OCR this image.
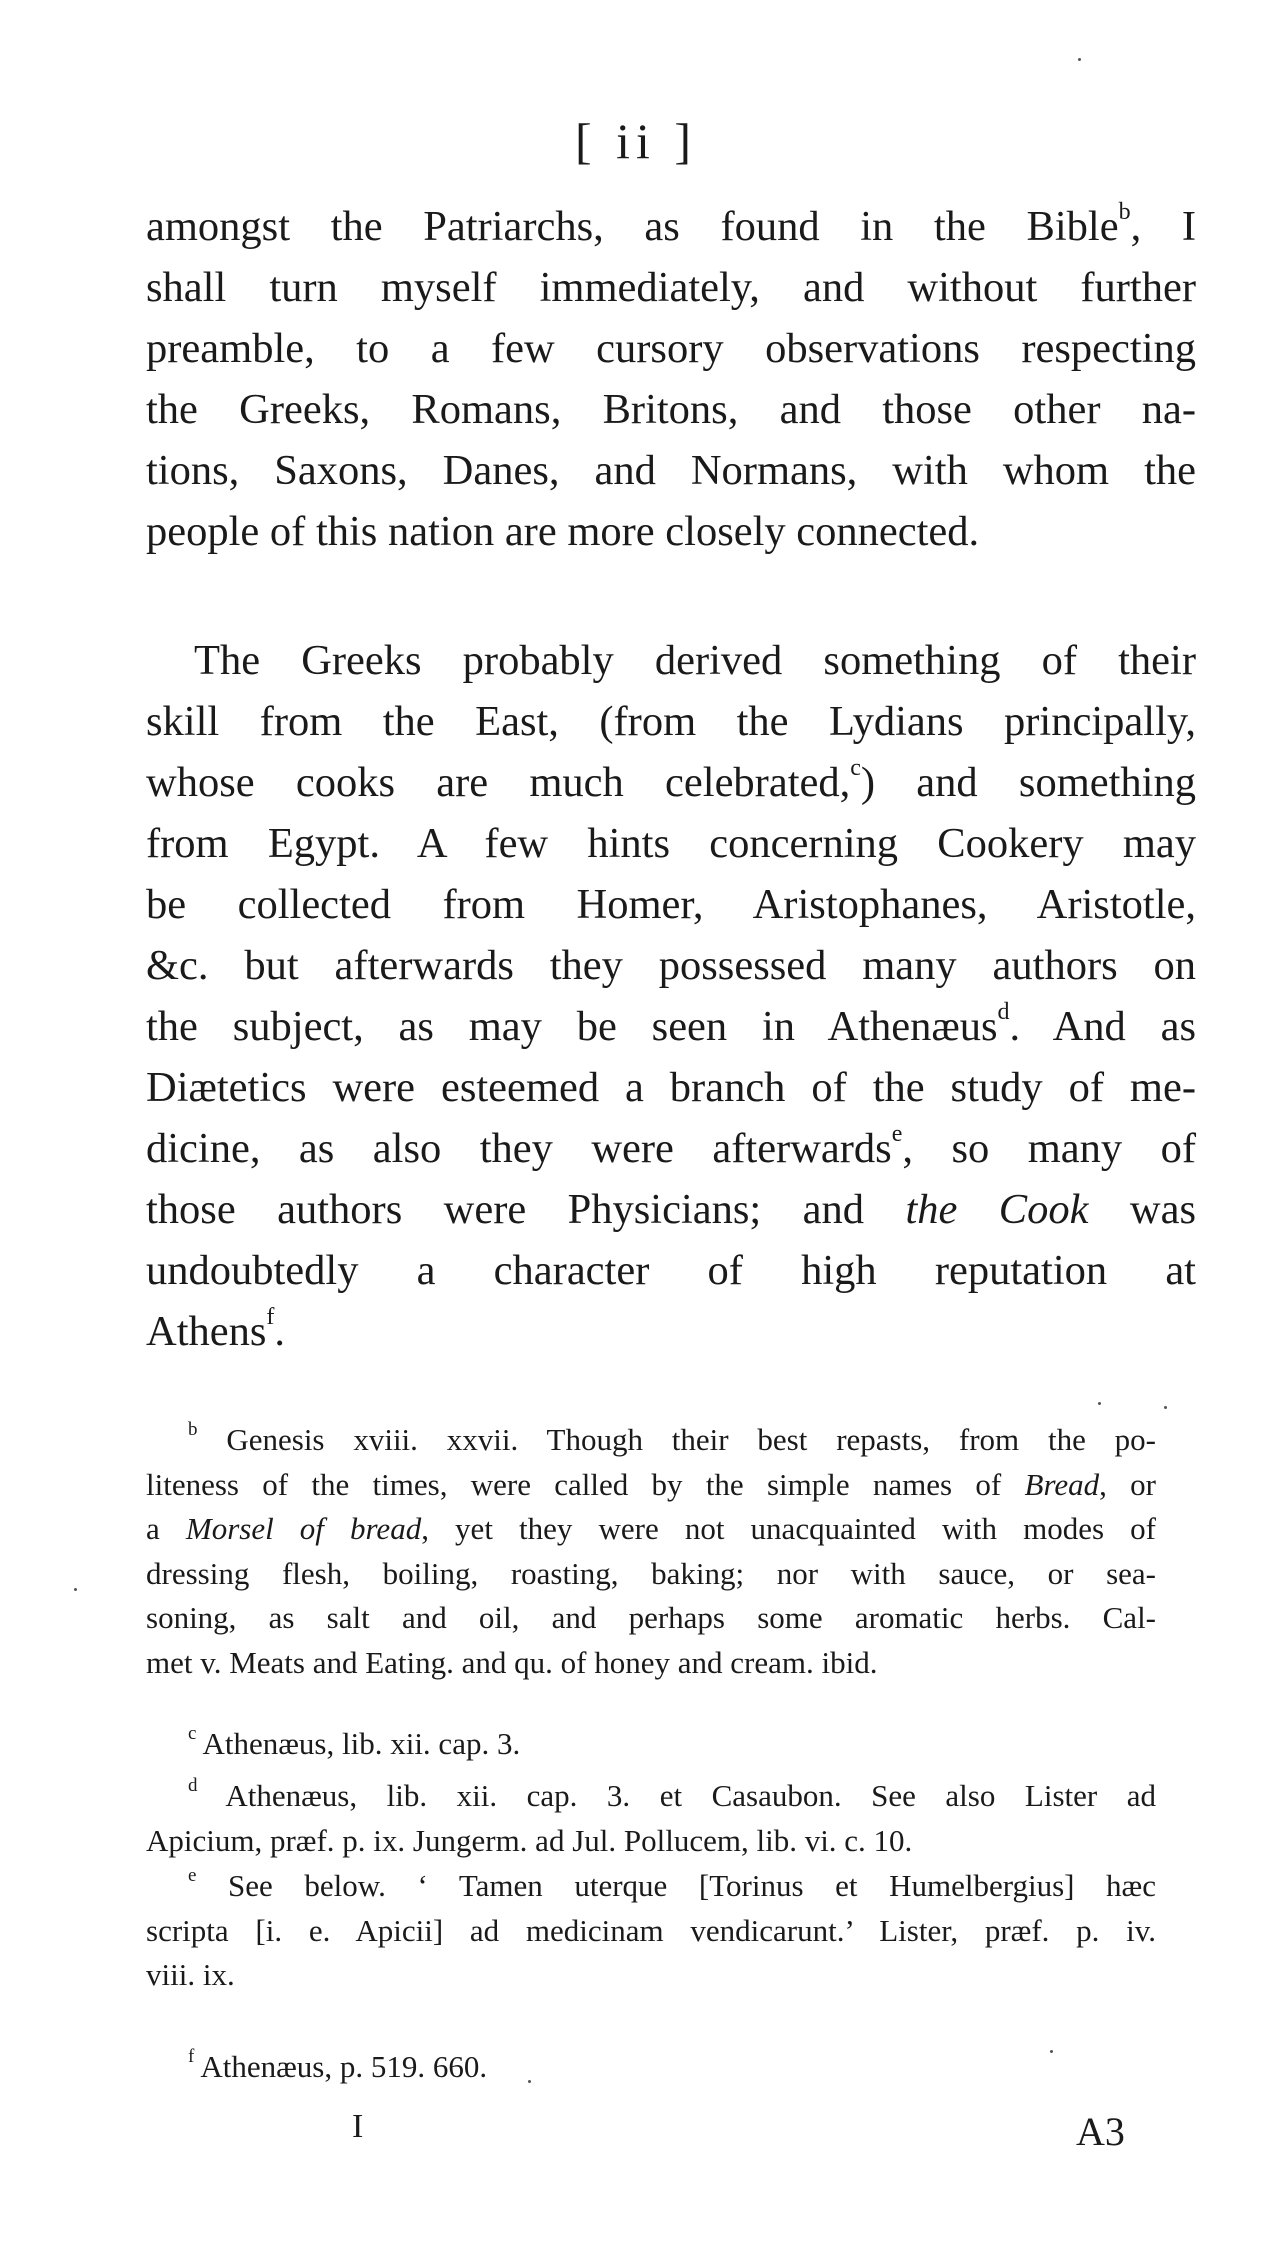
[ ii ]
amongst the Patriarchs, as found in the Bible$^b$, I
shall turn myself immediately, and without further
preamble, to a few cursory observations respecting
the Greeks, Romans, Britons, and those other na-
tions, Saxons, Danes, and Normans, with whom the
people of this nation are more closely connected.
The Greeks probably derived something of their
skill from the East, (from the Lydians principally,
whose cooks are much celebrated,$^c$) and something
from Egypt. A few hints concerning Cookery may
be collected from Homer, Aristophanes, Aristotle,
&c. but afterwards they possessed many authors on
the subject, as may be seen in Athenæus$^d$. And as
Diætetics were esteemed a branch of the study of me-
dicine, as also they were afterwards$^e$, so many of
those authors were Physicians; and the Cook was
undoubtedly a character of high reputation at
Athens$^f$.
$^b$ Genesis xviii. xxvii. Though their best repasts, from the po-
liteness of the times, were called by the simple names of Bread, or
a Morsel of bread, yet they were not unacquainted with modes of
dressing flesh, boiling, roasting, baking; nor with sauce, or sea-
soning, as salt and oil, and perhaps some aromatic herbs. Cal-
met v. Meats and Eating. and qu. of honey and cream. ibid.
$^c$ Athenæus, lib. xii. cap. 3.
$^d$ Athenæus, lib. xii. cap. 3. et Casaubon. See also Lister ad
Apicium, præf. p. ix. Jungerm. ad Jul. Pollucem, lib. vi. c. 10.
$^e$ See below. ‘ Tamen uterque [Torinus et Humelbergius] hæc
scripta [i. e. Apicii] ad medicinam vendicarunt.’ Lister, præf. p. iv.
viii. ix.
$^f$ Athenæus, p. 519. 660.
I	A3
